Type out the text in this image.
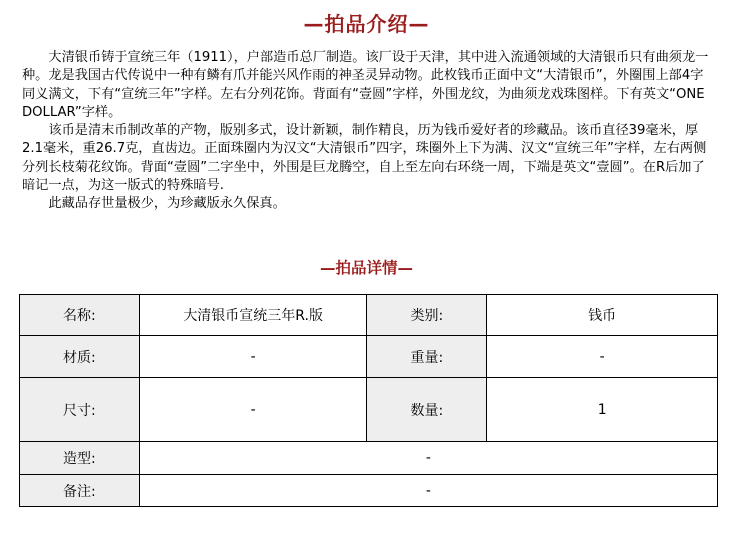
—拍品介绍—

大清银币铸于宣统三年（1911），户部造币总厂制造。该厂设于天津，其中进入流通领域的大清银币只有曲须龙一种。龙是我国古代传说中一种有鳞有爪并能兴风作雨的神圣灵异动物。此枚钱币正面中文“大清银币”，外圈围上部4字同义满文，下有“宣统三年”字样。左右分列花饰。背面有“壹圆”字样，外围龙纹，为曲须龙戏珠图样。下有英文“ONE DOLLAR”字样。

该币是清末币制改革的产物，版别多式，设计新颖，制作精良，历为钱币爱好者的珍藏品。该币直径39毫米，厚2.1毫米，重26.7克，直齿边。正面珠圈内为汉文“大清银币”四字，珠圈外上下为满、汉文“宣统三年”字样，左右两侧分列长枝菊花纹饰。背面“壹圆”二字坐中，外围是巨龙腾空，自上至左向右环绕一周，下端是英文“壹圆”。在R后加了暗记一点，为这一版式的特殊暗号.

此藏品存世量极少，为珍藏版永久保真。

—拍品详情—
名称:	大清银币宣统三年R.版	类别:	钱币
材质:	-	重量:	-
尺寸:	-	数量:	1
造型:	-		
备注:	-		
